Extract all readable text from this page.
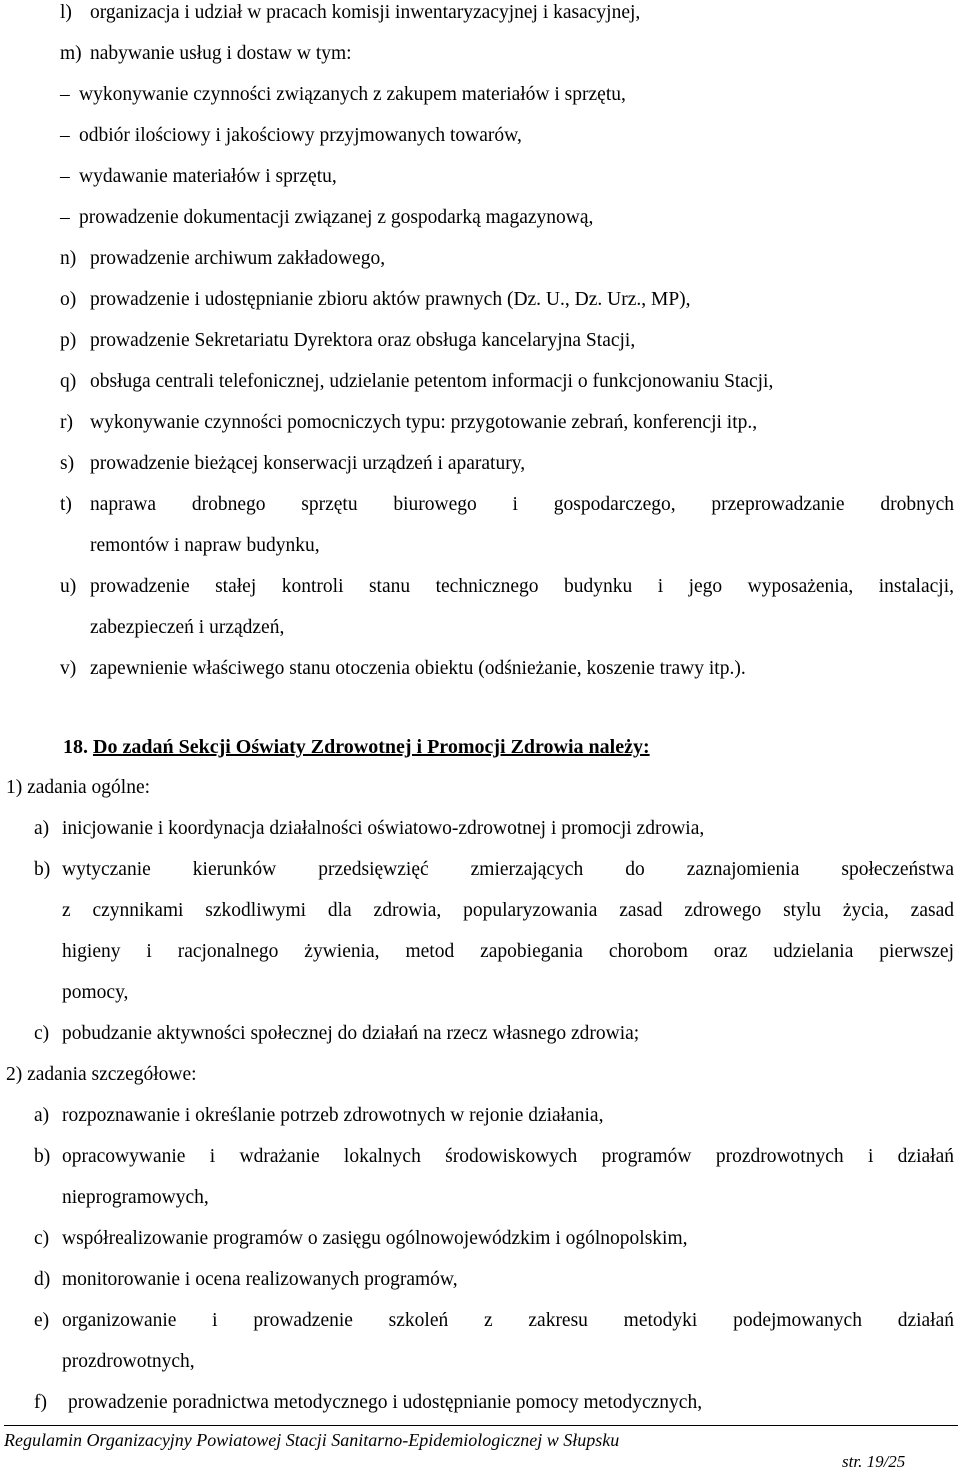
l) organizacja i udział w pracach komisji inwentaryzacyjnej i kasacyjnej,
m) nabywanie usług i dostaw w tym:
– wykonywanie czynności związanych z zakupem materiałów i sprzętu,
– odbiór ilościowy i jakościowy przyjmowanych towarów,
– wydawanie materiałów i sprzętu,
– prowadzenie dokumentacji związanej z gospodarką magazynową,
n) prowadzenie archiwum zakładowego,
o) prowadzenie i udostępnianie zbioru aktów prawnych (Dz. U., Dz. Urz., MP),
p) prowadzenie Sekretariatu Dyrektora oraz obsługa kancelaryjna Stacji,
q) obsługa centrali telefonicznej, udzielanie petentom informacji o funkcjonowaniu Stacji,
r) wykonywanie czynności pomocniczych typu: przygotowanie zebrań, konferencji itp.,
s) prowadzenie bieżącej konserwacji urządzeń i aparatury,
t) naprawa drobnego sprzętu biurowego i gospodarczego, przeprowadzanie drobnych
remontów i napraw budynku,
u) prowadzenie stałej kontroli stanu technicznego budynku i jego wyposażenia, instalacji,
zabezpieczeń i urządzeń,
v) zapewnienie właściwego stanu otoczenia obiektu (odśnieżanie, koszenie trawy itp.).
18. Do zadań Sekcji Oświaty Zdrowotnej i Promocji Zdrowia należy:
1) zadania ogólne:
a) inicjowanie i koordynacja działalności oświatowo-zdrowotnej i promocji zdrowia,
b) wytyczanie kierunków przedsięwzięć zmierzających do zaznajomienia społeczeństwa
z czynnikami szkodliwymi dla zdrowia, popularyzowania zasad zdrowego stylu życia, zasad
higieny i racjonalnego żywienia, metod zapobiegania chorobom oraz udzielania pierwszej
pomocy,
c) pobudzanie aktywności społecznej do działań na rzecz własnego zdrowia;
2) zadania szczegółowe:
a) rozpoznawanie i określanie potrzeb zdrowotnych w rejonie działania,
b) opracowywanie i wdrażanie lokalnych środowiskowych programów prozdrowotnych i działań
nieprogramowych,
c) współrealizowanie programów o zasięgu ogólnowojewódzkim i ogólnopolskim,
d) monitorowanie i ocena realizowanych programów,
e) organizowanie i prowadzenie szkoleń z zakresu metodyki podejmowanych działań
prozdrowotnych,
f) prowadzenie poradnictwa metodycznego i udostępnianie pomocy metodycznych,
Regulamin Organizacyjny Powiatowej Stacji Sanitarno-Epidemiologicznej w Słupsku
str. 19/25
